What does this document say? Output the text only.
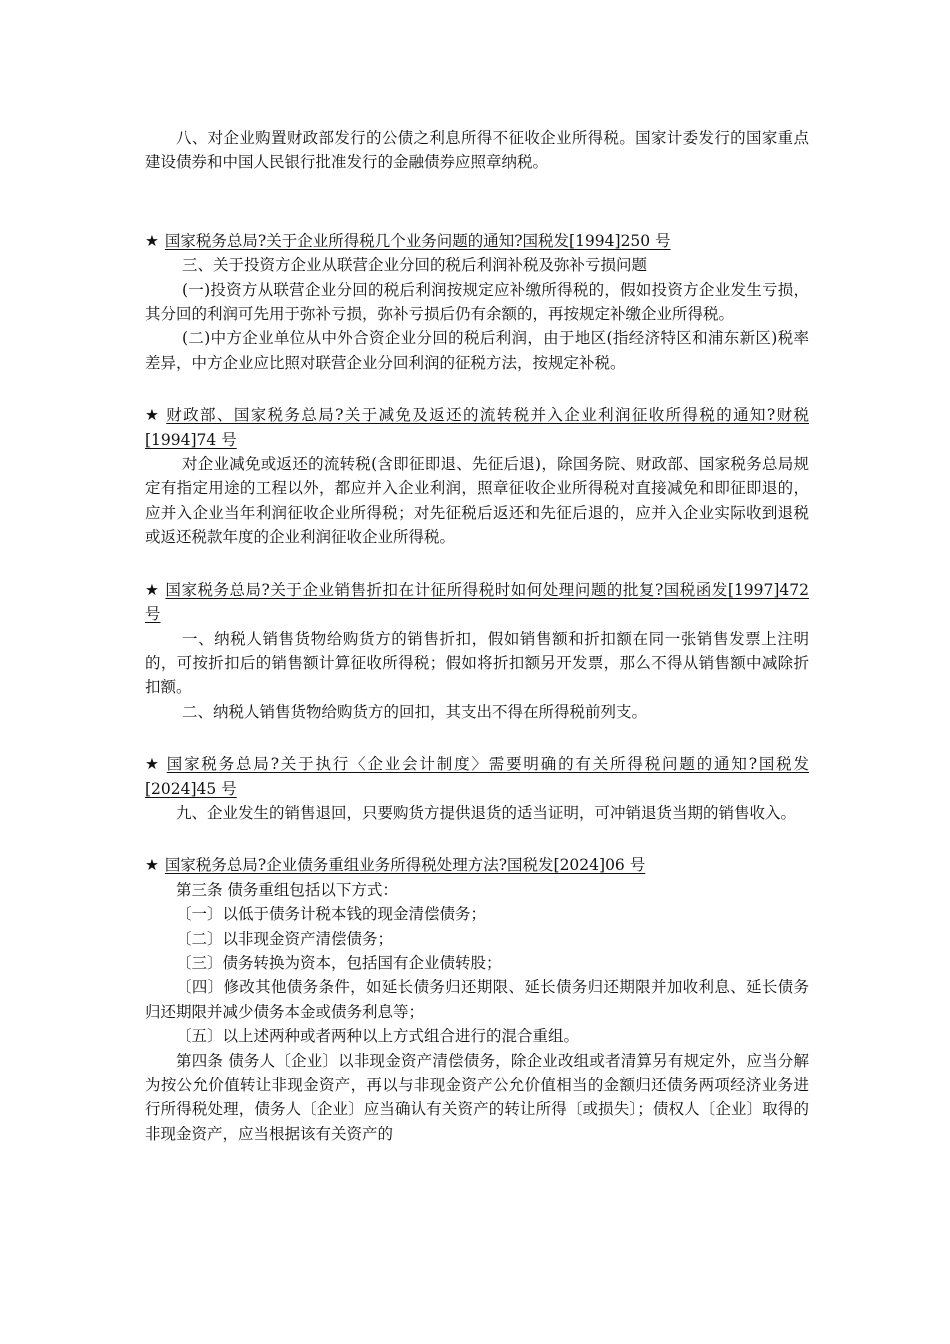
八、对企业购置财政部发行的公债之利息所得不征收企业所得税。国家计委发行的国家重点建设债券和中国人民银行批准发行的金融债券应照章纳税。

★ 国家税务总局?关于企业所得税几个业务问题的通知?国税发[1994]250 号

三、关于投资方企业从联营企业分回的税后利润补税及弥补亏损问题

(一)投资方从联营企业分回的税后利润按规定应补缴所得税的，假如投资方企业发生亏损，其分回的利润可先用于弥补亏损，弥补亏损后仍有余额的，再按规定补缴企业所得税。

(二)中方企业单位从中外合资企业分回的税后利润，由于地区(指经济特区和浦东新区)税率差异，中方企业应比照对联营企业分回利润的征税方法，按规定补税。

★ 财政部、国家税务总局?关于减免及返还的流转税并入企业利润征收所得税的通知?财税[1994]74 号

对企业减免或返还的流转税(含即征即退、先征后退)，除国务院、财政部、国家税务总局规定有指定用途的工程以外，都应并入企业利润，照章征收企业所得税对直接减免和即征即退的，应并入企业当年利润征收企业所得税；对先征税后返还和先征后退的，应并入企业实际收到退税或返还税款年度的企业利润征收企业所得税。

★ 国家税务总局?关于企业销售折扣在计征所得税时如何处理问题的批复?国税函发[1997]472 号

一、纳税人销售货物给购货方的销售折扣，假如销售额和折扣额在同一张销售发票上注明的，可按折扣后的销售额计算征收所得税；假如将折扣额另开发票，那么不得从销售额中减除折扣额。

二、纳税人销售货物给购货方的回扣，其支出不得在所得税前列支。

★ 国家税务总局?关于执行〈企业会计制度〉需要明确的有关所得税问题的通知?国税发[2024]45 号

九、企业发生的销售退回，只要购货方提供退货的适当证明，可冲销退货当期的销售收入。

★ 国家税务总局?企业债务重组业务所得税处理方法?国税发[2024]06 号

第三条 债务重组包括以下方式：

〔一〕以低于债务计税本钱的现金清偿债务；

〔二〕以非现金资产清偿债务；

〔三〕债务转换为资本，包括国有企业债转股；

〔四〕修改其他债务条件，如延长债务归还期限、延长债务归还期限并加收利息、延长债务归还期限并减少债务本金或债务利息等；

〔五〕以上述两种或者两种以上方式组合进行的混合重组。

第四条 债务人〔企业〕以非现金资产清偿债务，除企业改组或者清算另有规定外，应当分解为按公允价值转让非现金资产，再以与非现金资产公允价值相当的金额归还债务两项经济业务进行所得税处理，债务人〔企业〕应当确认有关资产的转让所得〔或损失〕；债权人〔企业〕取得的非现金资产，应当根据该有关资产的
